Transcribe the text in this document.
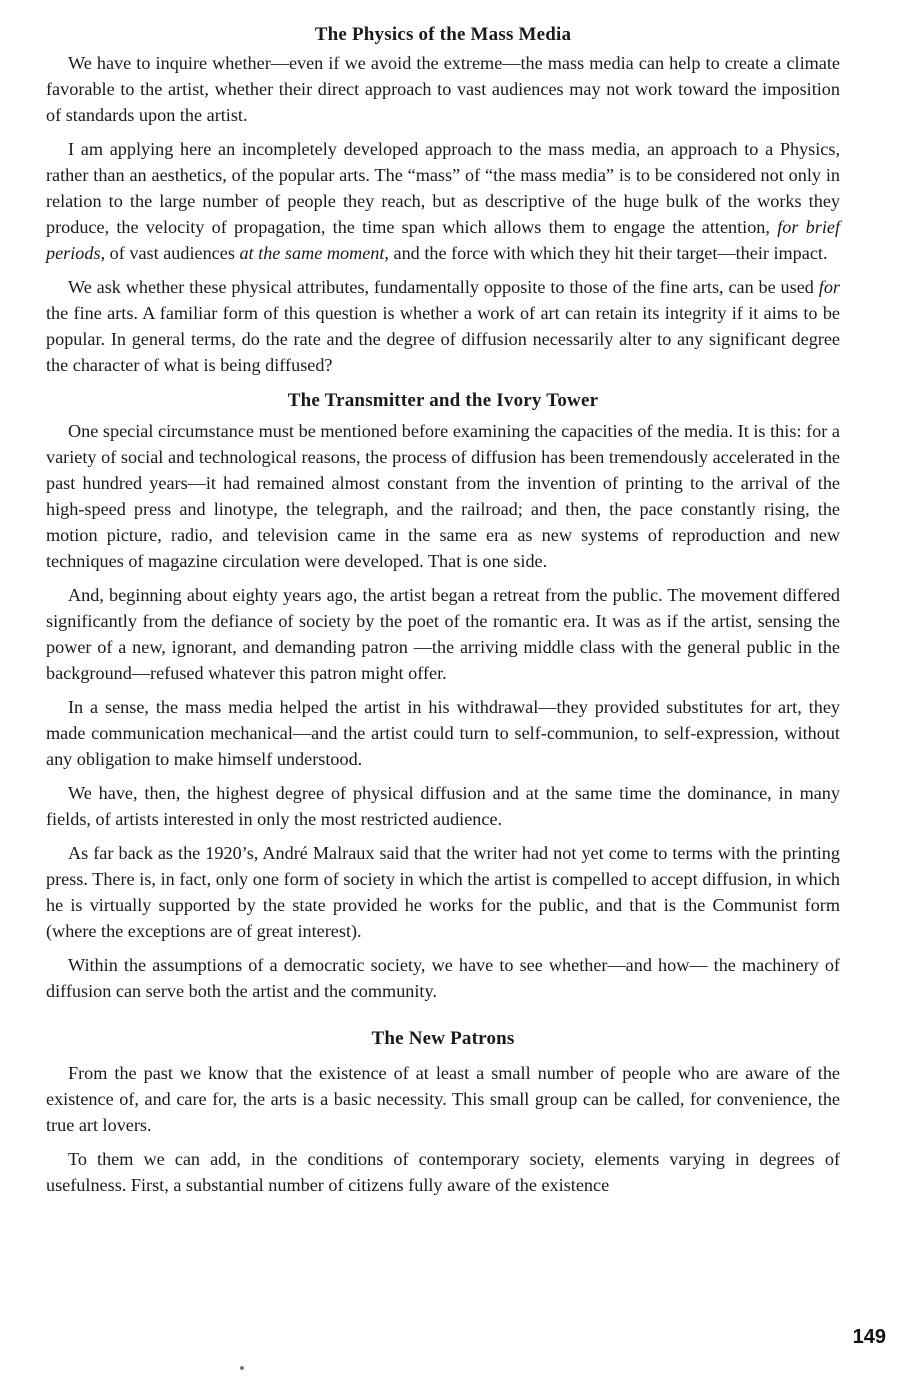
The Physics of the Mass Media

We have to inquire whether—even if we avoid the extreme—the mass media can help to create a climate favorable to the artist, whether their direct approach to vast audiences may not work toward the imposition of standards upon the artist.

I am applying here an incompletely developed approach to the mass media, an approach to a Physics, rather than an aesthetics, of the popular arts. The “mass” of “the mass media” is to be considered not only in relation to the large number of people they reach, but as descriptive of the huge bulk of the works they produce, the velocity of propagation, the time span which allows them to engage the attention, for brief periods, of vast audiences at the same moment, and the force with which they hit their target—their impact.

We ask whether these physical attributes, fundamentally opposite to those of the fine arts, can be used for the fine arts. A familiar form of this question is whether a work of art can retain its integrity if it aims to be popular. In general terms, do the rate and the degree of diffusion necessarily alter to any significant degree the character of what is being diffused?

The Transmitter and the Ivory Tower

One special circumstance must be mentioned before examining the capacities of the media. It is this: for a variety of social and technological reasons, the process of diffusion has been tremendously accelerated in the past hundred years—it had remained almost constant from the invention of printing to the arrival of the high-speed press and linotype, the telegraph, and the railroad; and then, the pace constantly rising, the motion picture, radio, and television came in the same era as new systems of reproduction and new techniques of magazine circulation were developed. That is one side.

And, beginning about eighty years ago, the artist began a retreat from the public. The movement differed significantly from the defiance of society by the poet of the romantic era. It was as if the artist, sensing the power of a new, ignorant, and demanding patron —the arriving middle class with the general public in the background—refused whatever this patron might offer.

In a sense, the mass media helped the artist in his withdrawal—they provided substitutes for art, they made communication mechanical—and the artist could turn to self-communion, to self-expression, without any obligation to make himself understood.

We have, then, the highest degree of physical diffusion and at the same time the dominance, in many fields, of artists interested in only the most restricted audience.

As far back as the 1920’s, André Malraux said that the writer had not yet come to terms with the printing press. There is, in fact, only one form of society in which the artist is compelled to accept diffusion, in which he is virtually supported by the state provided he works for the public, and that is the Communist form (where the exceptions are of great interest).

Within the assumptions of a democratic society, we have to see whether—and how— the machinery of diffusion can serve both the artist and the community.

The New Patrons

From the past we know that the existence of at least a small number of people who are aware of the existence of, and care for, the arts is a basic necessity. This small group can be called, for convenience, the true art lovers.

To them we can add, in the conditions of contemporary society, elements varying in degrees of usefulness. First, a substantial number of citizens fully aware of the existence

149
